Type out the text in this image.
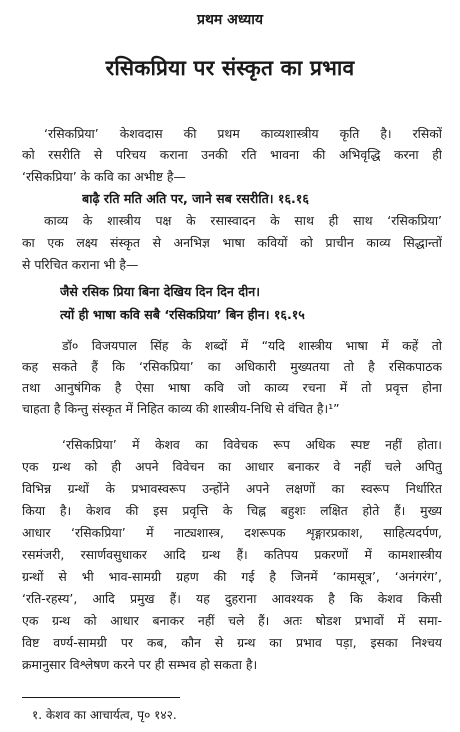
प्रथम अध्याय
रसिकप्रिया पर संस्कृत का प्रभाव
‘रसिकप्रिया’ केशवदास की प्रथम काव्यशास्त्रीय कृति है। रसिकों
को रसरीति से परिचय कराना उनकी रति भावना की अभिवृद्धि करना ही
‘रसिकप्रिया’ के कवि का अभीष्ट है—
बाढ़ै रति मति अति पर, जाने सब रसरीति। १६.१६
काव्य के शास्त्रीय पक्ष के रसास्वादन के साथ ही साथ ‘रसिकप्रिया’
का एक लक्ष्य संस्कृत से अनभिज्ञ भाषा कवियों को प्राचीन काव्य सिद्धान्तों
से परिचित कराना भी है—
जैसे रसिक प्रिया बिना देखिय दिन दिन दीन।
त्यों ही भाषा कवि सबै ‘रसिकप्रिया’ बिन हीन। १६.१५
डॉ० विजयपाल सिंह के शब्दों में “यदि शास्त्रीय भाषा में कहें तो
कह सकते हैं कि ‘रसिकप्रिया’ का अधिकारी मुख्यतया तो है रसिकपाठक
तथा आनुषंगिक है ऐसा भाषा कवि जो काव्य रचना में तो प्रवृत्त होना
चाहता है किन्तु संस्कृत में निहित काव्य की शास्त्रीय-निधि से वंचित है।¹”
‘रसिकप्रिया’ में केशव का विवेचक रूप अधिक स्पष्ट नहीं होता।
एक ग्रन्थ को ही अपने विवेचन का आधार बनाकर वे नहीं चले अपितु
विभिन्न ग्रन्थों के प्रभावस्वरूप उन्होंने अपने लक्षणों का स्वरूप निर्धारित
किया है। केशव की इस प्रवृत्ति के चिह्न बहुशः लक्षित होते हैं। मुख्य
आधार ‘रसिकप्रिया’ में नाट्यशास्त्र, दशरूपक शृङ्गारप्रकाश, साहित्यदर्पण,
रसमंजरी, रसार्णवसुधाकर आदि ग्रन्थ हैं। कतिपय प्रकरणों में कामशास्त्रीय
ग्रन्थों से भी भाव-सामग्री ग्रहण की गई है जिनमें ‘कामसूत्र’, ‘अनंगरंग’,
‘रति-रहस्य’, आदि प्रमुख हैं। यह दुहराना आवश्यक है कि केशव किसी
एक ग्रन्थ को आधार बनाकर नहीं चले हैं। अतः षोडश प्रभावों में समा-
विष्ट वर्ण्य-सामग्री पर कब, कौन से ग्रन्थ का प्रभाव पड़ा, इसका निश्चय
क्रमानुसार विश्लेषण करने पर ही सम्भव हो सकता है।
१. केशव का आचार्यत्व, पृ० १४२.
